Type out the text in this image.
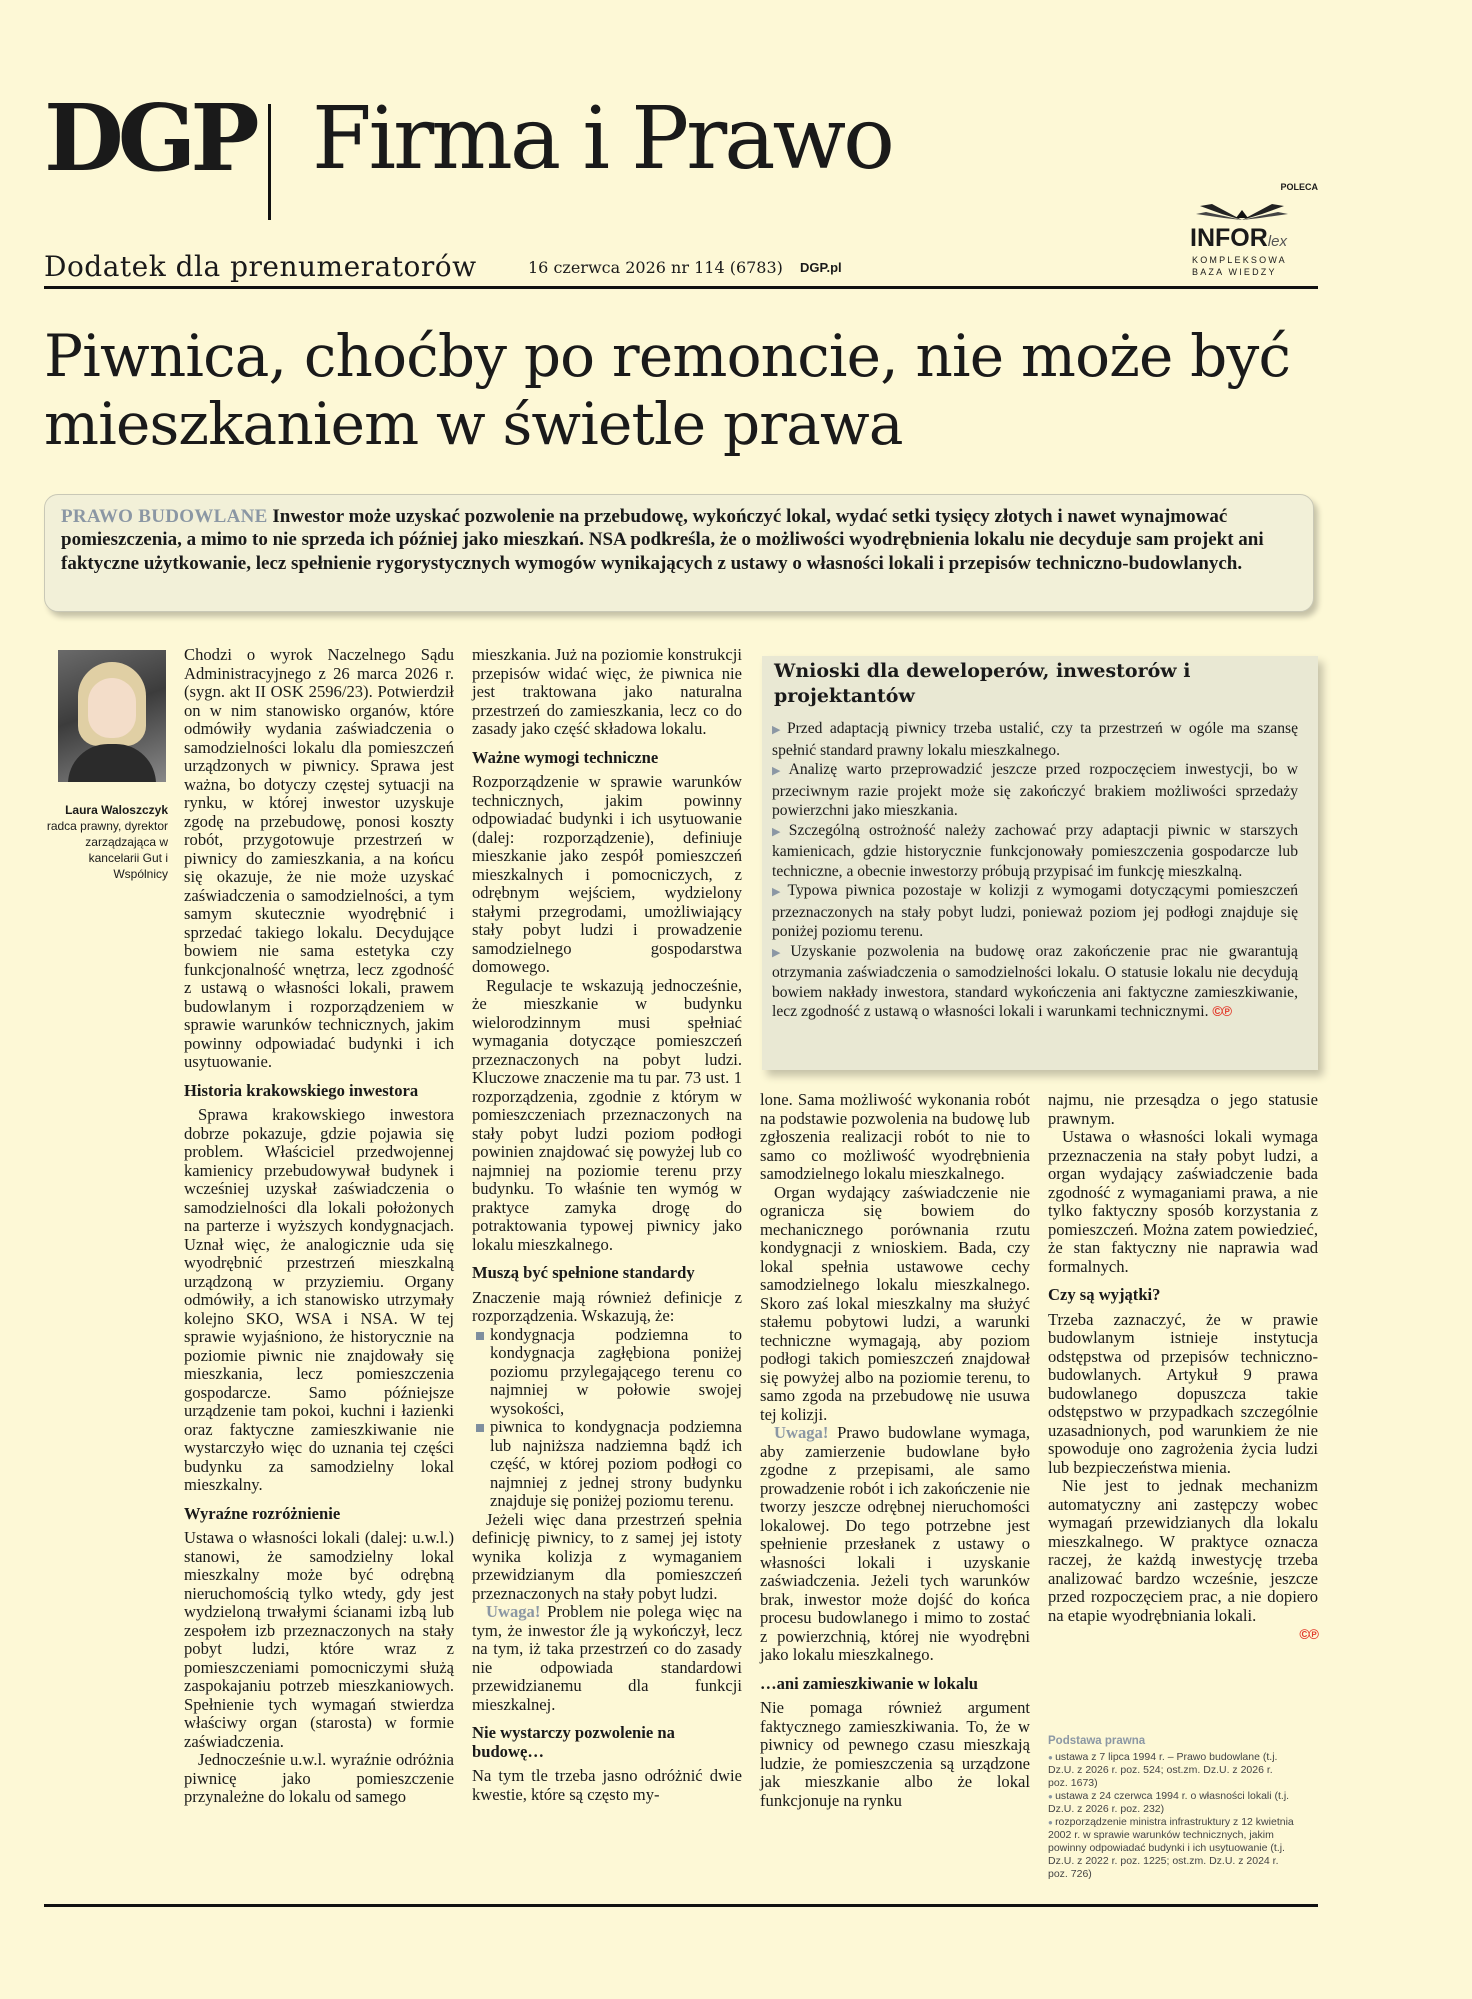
DGP Firma i Prawo
Dodatek dla prenumeratorów	16 czerwca 2026 nr 114 (6783) DGP.pl
POLECA
INFORlex
KOMPLEKSOWA
BAZA WIEDZY
Piwnica, choćby po remoncie, nie może być mieszkaniem w świetle prawa
PRAWO BUDOWLANE Inwestor może uzyskać pozwolenie na przebudowę, wykończyć lokal, wydać setki tysięcy złotych i nawet wynajmować pomieszczenia, a mimo to nie sprzeda ich później jako mieszkań. NSA podkreśla, że o możliwości wyodrębnienia lokalu nie decyduje sam projekt ani faktyczne użytkowanie, lecz spełnienie rygorystycznych wymogów wynikających z ustawy o własności lokali i przepisów techniczno-budowlanych.
Laura Waloszczyk
radca prawny, dyrektor zarządzająca w kancelarii Gut i Wspólnicy

Chodzi o wyrok Naczelnego Sądu Administracyjnego z 26 marca 2026 r. (sygn. akt II OSK 2596/23). Potwierdził on w nim stanowisko organów, które odmówiły wydania zaświadczenia o samodzielności lokalu dla pomieszczeń urządzonych w piwnicy. Sprawa jest ważna, bo dotyczy częstej sytuacji na rynku, w której inwestor uzyskuje zgodę na przebudowę, ponosi koszty robót, przygotowuje przestrzeń w piwnicy do zamieszkania, a na końcu się okazuje, że nie może uzyskać zaświadczenia o samodzielności, a tym samym skutecznie wyodrębnić i sprzedać takiego lokalu. Decydujące bowiem nie sama estetyka czy funkcjonalność wnętrza, lecz zgodność z ustawą o własności lokali, prawem budowlanym i rozporządzeniem w sprawie warunków technicznych, jakim powinny odpowiadać budynki i ich usytuowanie.

Historia krakowskiego inwestora

Sprawa krakowskiego inwestora dobrze pokazuje, gdzie pojawia się problem. Właściciel przedwojennej kamienicy przebudowywał budynek i wcześniej uzyskał zaświadczenia o samodzielności dla lokali położonych na parterze i wyższych kondygnacjach. Uznał więc, że analogicznie uda się wyodrębnić przestrzeń mieszkalną urządzoną w przyziemiu. Organy odmówiły, a ich stanowisko utrzymały kolejno SKO, WSA i NSA. W tej sprawie wyjaśniono, że historycznie na poziomie piwnic nie znajdowały się mieszkania, lecz pomieszczenia gospodarcze. Samo późniejsze urządzenie tam pokoi, kuchni i łazienki oraz faktyczne zamieszkiwanie nie wystarczyło więc do uznania tej części budynku za samodzielny lokal mieszkalny.

Wyraźne rozróżnienie

Ustawa o własności lokali (dalej: u.w.l.) stanowi, że samodzielny lokal mieszkalny może być odrębną nieruchomością tylko wtedy, gdy jest wydzieloną trwałymi ścianami izbą lub zespołem izb przeznaczonych na stały pobyt ludzi, które wraz z pomieszczeniami pomocniczymi służą zaspokajaniu potrzeb mieszkaniowych. Spełnienie tych wymagań stwierdza właściwy organ (starosta) w formie zaświadczenia.

Jednocześnie u.w.l. wyraźnie odróżnia piwnicę jako pomieszczenie przynależne do lokalu od samego

mieszkania. Już na poziomie konstrukcji przepisów widać więc, że piwnica nie jest traktowana jako naturalna przestrzeń do zamieszkania, lecz co do zasady jako część składowa lokalu.

Ważne wymogi techniczne

Rozporządzenie w sprawie warunków technicznych, jakim powinny odpowiadać budynki i ich usytuowanie (dalej: rozporządzenie), definiuje mieszkanie jako zespół pomieszczeń mieszkalnych i pomocniczych, z odrębnym wejściem, wydzielony stałymi przegrodami, umożliwiający stały pobyt ludzi i prowadzenie samodzielnego gospodarstwa domowego.

Regulacje te wskazują jednocześnie, że mieszkanie w budynku wielorodzinnym musi spełniać wymagania dotyczące pomieszczeń przeznaczonych na pobyt ludzi. Kluczowe znaczenie ma tu par. 73 ust. 1 rozporządzenia, zgodnie z którym w pomieszczeniach przeznaczonych na stały pobyt ludzi poziom podłogi powinien znajdować się powyżej lub co najmniej na poziomie terenu przy budynku. To właśnie ten wymóg w praktyce zamyka drogę do potraktowania typowej piwnicy jako lokalu mieszkalnego.

Muszą być spełnione standardy

Znaczenie mają również definicje z rozporządzenia. Wskazują, że:

kondygnacja podziemna to kondygnacja zagłębiona poniżej poziomu przylegającego terenu co najmniej w połowie swojej wysokości,
piwnica to kondygnacja podziemna lub najniższa nadziemna bądź ich część, w której poziom podłogi co najmniej z jednej strony budynku znajduje się poniżej poziomu terenu.

Jeżeli więc dana przestrzeń spełnia definicję piwnicy, to z samej jej istoty wynika kolizja z wymaganiem przewidzianym dla pomieszczeń przeznaczonych na stały pobyt ludzi.

Uwaga! Problem nie polega więc na tym, że inwestor źle ją wykończył, lecz na tym, iż taka przestrzeń co do zasady nie odpowiada standardowi przewidzianemu dla funkcji mieszkalnej.

Nie wystarczy pozwolenie na budowę…

Na tym tle trzeba jasno odróżnić dwie kwestie, które są często my-

Wnioski dla deweloperów, inwestorów i projektantów
▶ Przed adaptacją piwnicy trzeba ustalić, czy ta przestrzeń w ogóle ma szansę spełnić standard prawny lokalu mieszkalnego.
▶ Analizę warto przeprowadzić jeszcze przed rozpoczęciem inwestycji, bo w przeciwnym razie projekt może się zakończyć brakiem możliwości sprzedaży powierzchni jako mieszkania.
▶ Szczególną ostrożność należy zachować przy adaptacji piwnic w starszych kamienicach, gdzie historycznie funkcjonowały pomieszczenia gospodarcze lub techniczne, a obecnie inwestorzy próbują przypisać im funkcję mieszkalną.
▶ Typowa piwnica pozostaje w kolizji z wymogami dotyczącymi pomieszczeń przeznaczonych na stały pobyt ludzi, ponieważ poziom jej podłogi znajduje się poniżej poziomu terenu.
▶ Uzyskanie pozwolenia na budowę oraz zakończenie prac nie gwarantują otrzymania zaświadczenia o samodzielności lokalu. O statusie lokalu nie decydują bowiem nakłady inwestora, standard wykończenia ani faktyczne zamieszkiwanie, lecz zgodność z ustawą o własności lokali i warunkami technicznymi. ©℗

lone. Sama możliwość wykonania robót na podstawie pozwolenia na budowę lub zgłoszenia realizacji robót to nie to samo co możliwość wyodrębnienia samodzielnego lokalu mieszkalnego.

Organ wydający zaświadczenie nie ogranicza się bowiem do mechanicznego porównania rzutu kondygnacji z wnioskiem. Bada, czy lokal spełnia ustawowe cechy samodzielnego lokalu mieszkalnego. Skoro zaś lokal mieszkalny ma służyć stałemu pobytowi ludzi, a warunki techniczne wymagają, aby poziom podłogi takich pomieszczeń znajdował się powyżej albo na poziomie terenu, to samo zgoda na przebudowę nie usuwa tej kolizji.

Uwaga! Prawo budowlane wymaga, aby zamierzenie budowlane było zgodne z przepisami, ale samo prowadzenie robót i ich zakończenie nie tworzy jeszcze odrębnej nieruchomości lokalowej. Do tego potrzebne jest spełnienie przesłanek z ustawy o własności lokali i uzyskanie zaświadczenia. Jeżeli tych warunków brak, inwestor może dojść do końca procesu budowlanego i mimo to zostać z powierzchnią, której nie wyodrębni jako lokalu mieszkalnego.

…ani zamieszkiwanie w lokalu

Nie pomaga również argument faktycznego zamieszkiwania. To, że w piwnicy od pewnego czasu mieszkają ludzie, że pomieszczenia są urządzone jak mieszkanie albo że lokal funkcjonuje na rynku

najmu, nie przesądza o jego statusie prawnym.

Ustawa o własności lokali wymaga przeznaczenia na stały pobyt ludzi, a organ wydający zaświadczenie bada zgodność z wymaganiami prawa, a nie tylko faktyczny sposób korzystania z pomieszczeń. Można zatem powiedzieć, że stan faktyczny nie naprawia wad formalnych.

Czy są wyjątki?

Trzeba zaznaczyć, że w prawie budowlanym istnieje instytucja odstępstwa od przepisów techniczno-budowlanych. Artykuł 9 prawa budowlanego dopuszcza takie odstępstwo w przypadkach szczególnie uzasadnionych, pod warunkiem że nie spowoduje ono zagrożenia życia ludzi lub bezpieczeństwa mienia.

Nie jest to jednak mechanizm automatyczny ani zastępczy wobec wymagań przewidzianych dla lokalu mieszkalnego. W praktyce oznacza raczej, że każdą inwestycję trzeba analizować bardzo wcześnie, jeszcze przed rozpoczęciem prac, a nie dopiero na etapie wyodrębniania lokali.

©℗
Podstawa prawna
● ustawa z 7 lipca 1994 r. – Prawo budowlane (t.j. Dz.U. z 2026 r. poz. 524; ost.zm. Dz.U. z 2026 r. poz. 1673)
● ustawa z 24 czerwca 1994 r. o własności lokali (t.j. Dz.U. z 2026 r. poz. 232)
● rozporządzenie ministra infrastruktury z 12 kwietnia 2002 r. w sprawie warunków technicznych, jakim powinny odpowiadać budynki i ich usytuowanie (t.j. Dz.U. z 2022 r. poz. 1225; ost.zm. Dz.U. z 2024 r. poz. 726)
